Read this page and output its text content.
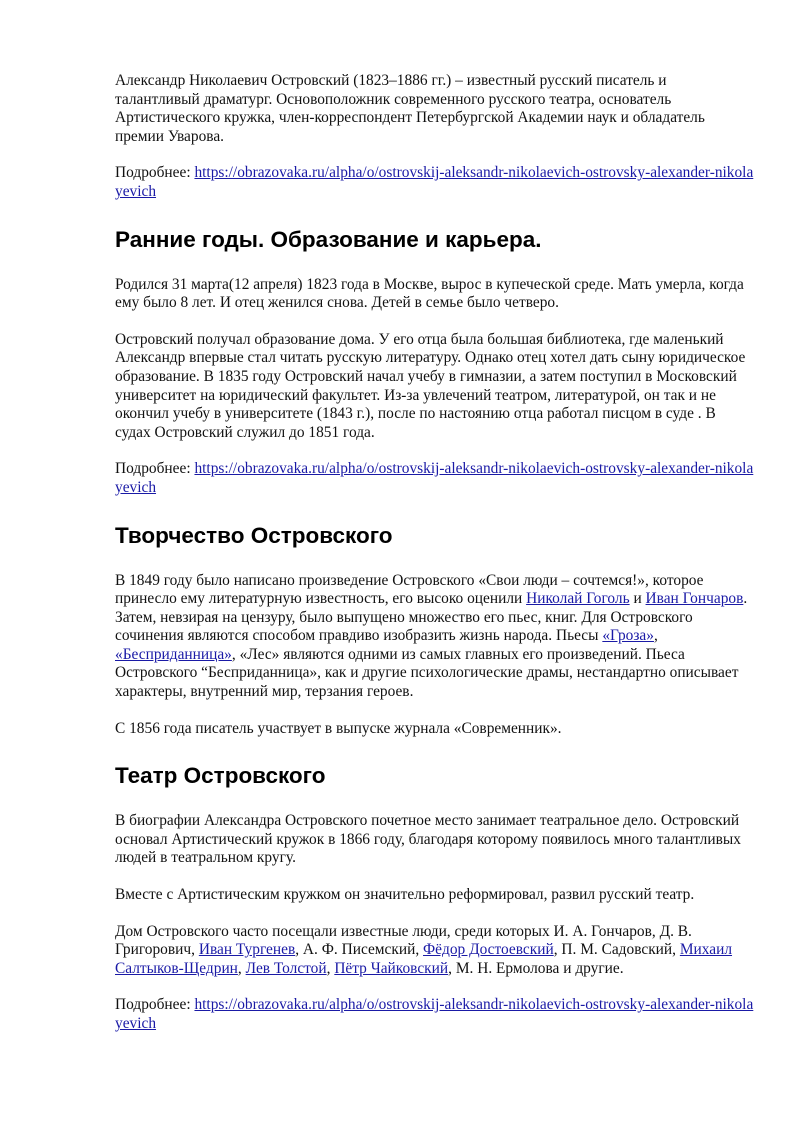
Александр Николаевич Островский (1823–1886 гг.) – известный русский писатель и талантливый драматург. Основоположник современного русского театра, основатель Артистического кружка, член-корреспондент Петербургской Академии наук и обладатель премии Уварова.

Подробнее: https://obrazovaka.ru/alpha/o/ostrovskij-aleksandr-nikolaevich-ostrovsky-alexander-nikolayevich

Ранние годы. Образование и карьера.

Родился 31 марта(12 апреля) 1823 года в Москве, вырос в купеческой среде. Мать умерла, когда ему было 8 лет. И отец женился снова. Детей в семье было четверо.

Островский получал образование дома. У его отца была большая библиотека, где маленький Александр впервые стал читать русскую литературу. Однако отец хотел дать сыну юридическое образование. В 1835 году Островский начал учебу в гимназии, а затем поступил в Московский университет на юридический факультет. Из-за увлечений театром, литературой, он так и не окончил учебу в университете (1843 г.), после по настоянию отца работал писцом в суде . В судах Островский служил до 1851 года.

Подробнее: https://obrazovaka.ru/alpha/o/ostrovskij-aleksandr-nikolaevich-ostrovsky-alexander-nikolayevich

Творчество Островского

В 1849 году было написано произведение Островского «Свои люди – сочтемся!», которое принесло ему литературную известность, его высоко оценили Николай Гоголь и Иван Гончаров. Затем, невзирая на цензуру, было выпущено множество его пьес, книг. Для Островского сочинения являются способом правдиво изобразить жизнь народа. Пьесы «Гроза», «Бесприданница», «Лес» являются одними из самых главных его произведений. Пьеса Островского “Бесприданница», как и другие психологические драмы, нестандартно описывает характеры, внутренний мир, терзания героев.

С 1856 года писатель участвует в выпуске журнала «Современник».

Театр Островского

В биографии Александра Островского почетное место занимает театральное дело. Островский основал Артистический кружок в 1866 году, благодаря которому появилось много талантливых людей в театральном кругу.

Вместе с Артистическим кружком он значительно реформировал, развил русский театр.

Дом Островского часто посещали известные люди, среди которых И. А. Гончаров, Д. В. Григорович, Иван Тургенев, А. Ф. Писемский, Фёдор Достоевский, П. М. Садовский, Михаил Салтыков-Щедрин, Лев Толстой, Пётр Чайковский, М. Н. Ермолова и другие.

Подробнее: https://obrazovaka.ru/alpha/o/ostrovskij-aleksandr-nikolaevich-ostrovsky-alexander-nikolayevich
